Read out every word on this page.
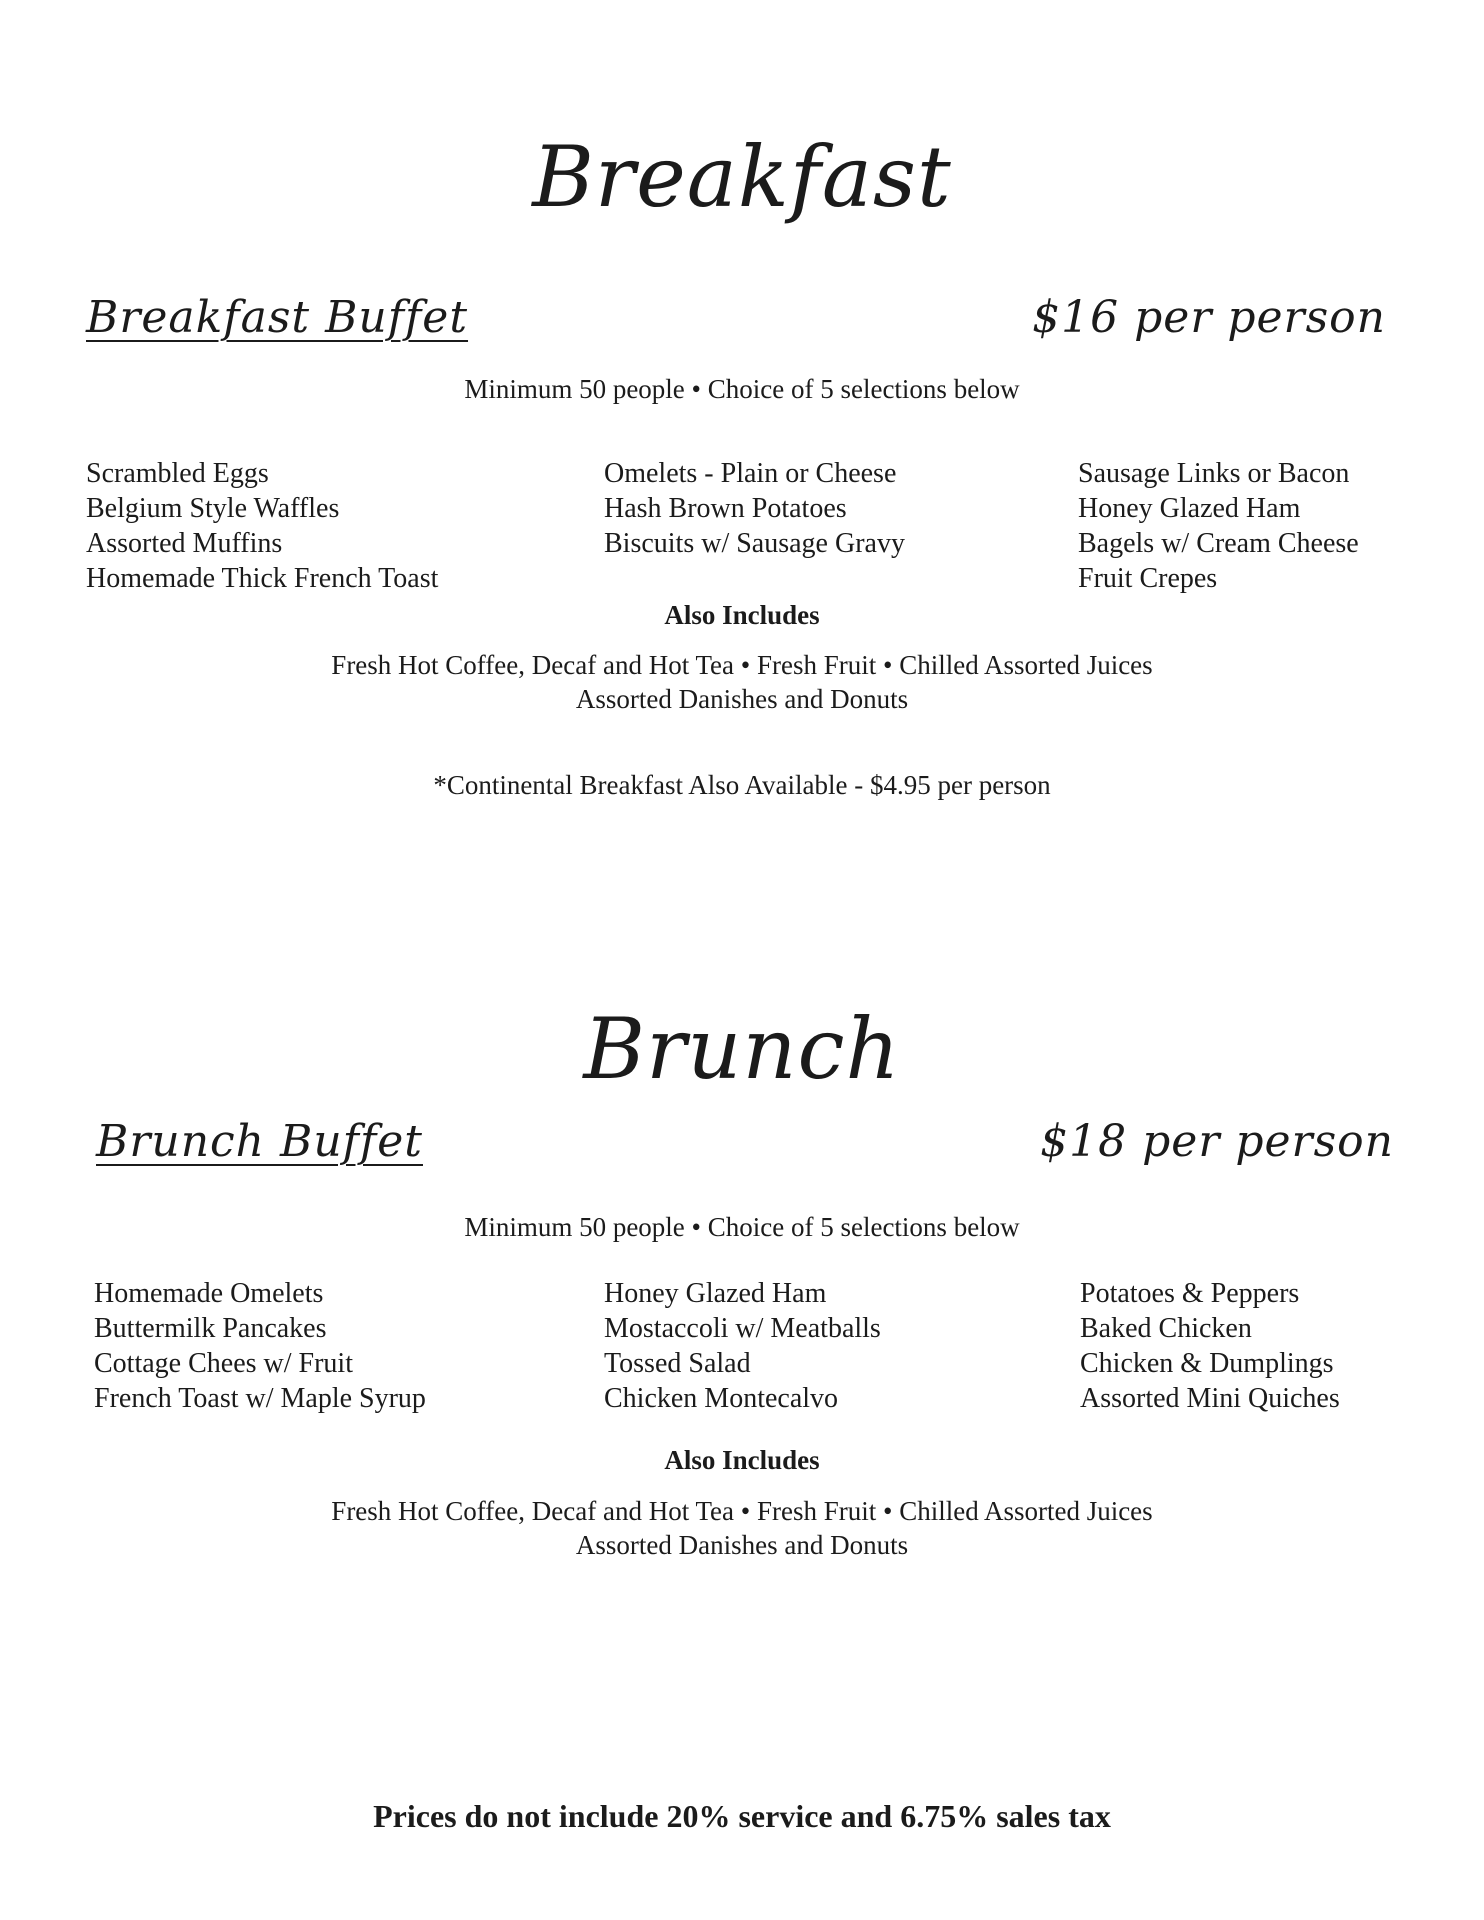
Breakfast
Breakfast Buffet	$16 per person
Minimum 50 people • Choice of 5 selections below
Scrambled Eggs
Belgium Style Waffles
Assorted Muffins
Homemade Thick French Toast
Omelets - Plain or Cheese
Hash Brown Potatoes
Biscuits w/ Sausage Gravy
Sausage Links or Bacon
Honey Glazed Ham
Bagels w/ Cream Cheese
Fruit Crepes
Also Includes
Fresh Hot Coffee, Decaf and Hot Tea • Fresh Fruit • Chilled Assorted Juices
Assorted Danishes and Donuts
*Continental Breakfast Also Available - $4.95 per person
Brunch
Brunch Buffet	$18 per person
Minimum 50 people • Choice of 5 selections below
Homemade Omelets
Buttermilk Pancakes
Cottage Chees w/ Fruit
French Toast w/ Maple Syrup
Honey Glazed Ham
Mostaccoli w/ Meatballs
Tossed Salad
Chicken Montecalvo
Potatoes & Peppers
Baked Chicken
Chicken & Dumplings
Assorted Mini Quiches
Also Includes
Fresh Hot Coffee, Decaf and Hot Tea • Fresh Fruit • Chilled Assorted Juices
Assorted Danishes and Donuts
Prices do not include 20% service and 6.75% sales tax
